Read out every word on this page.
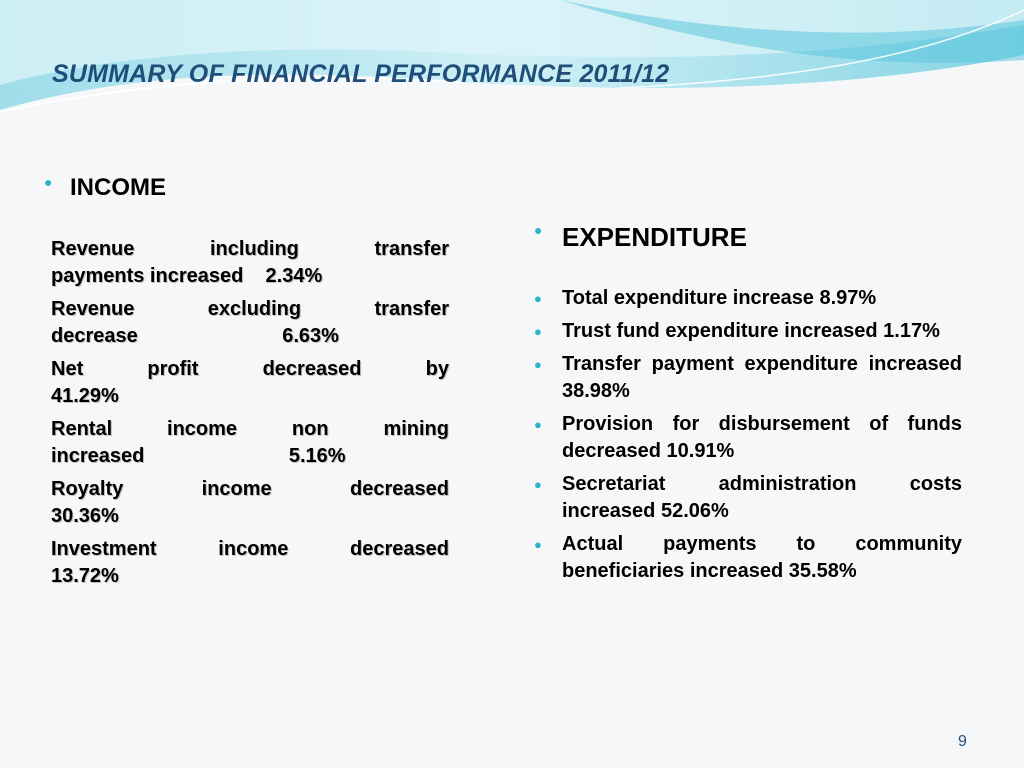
SUMMARY OF FINANCIAL PERFORMANCE 2011/12
● INCOME
Revenue including transfer
payments increased    2.34%
Revenue excluding transfer
decrease                          6.63%
Net profit decreased by
41.29%
Rental income non mining
increased                          5.16%
Royalty income decreased
30.36%
Investment income decreased
13.72%
● EXPENDITURE
● Total expenditure increase 8.97%
● Trust fund expenditure increased 1.17%
● Transfer payment expenditure increased 38.98%
● Provision for disbursement of funds decreased 10.91%
● Secretariat administration costs increased 52.06%
● Actual payments to community beneficiaries increased 35.58%
9
